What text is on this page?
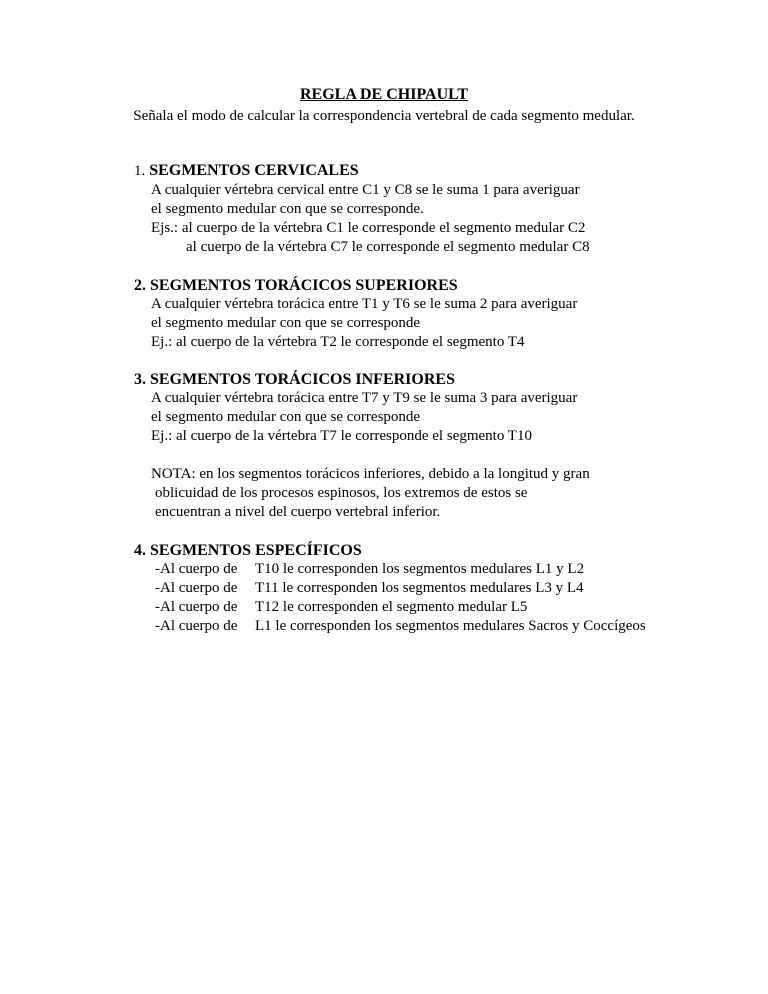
REGLA DE CHIPAULT
Señala el modo de calcular la correspondencia vertebral de cada segmento medular.
1. SEGMENTOS CERVICALES
A cualquier vértebra cervical entre C1 y C8 se le suma 1 para averiguar
el segmento medular con que se corresponde.
Ejs.: al cuerpo de la vértebra C1 le corresponde el segmento medular C2
al cuerpo de la vértebra C7 le corresponde el segmento medular C8
2. SEGMENTOS TORÁCICOS SUPERIORES
A cualquier vértebra torácica entre T1 y T6 se le suma 2 para averiguar
el segmento medular con que se corresponde
Ej.: al cuerpo de la vértebra T2 le corresponde el segmento T4
3. SEGMENTOS TORÁCICOS INFERIORES
A cualquier vértebra torácica entre T7 y T9 se le suma 3 para averiguar
el segmento medular con que se corresponde
Ej.: al cuerpo de la vértebra T7 le corresponde el segmento T10
NOTA: en los segmentos torácicos inferiores, debido a la longitud y gran
oblicuidad de los procesos espinosos, los extremos de estos se
encuentran a nivel del cuerpo vertebral inferior.
4. SEGMENTOS ESPECÍFICOS
-Al cuerpo de T10 le corresponden los segmentos medulares L1 y L2
-Al cuerpo de T11 le corresponden los segmentos medulares L3 y L4
-Al cuerpo de T12 le corresponden el segmento medular L5
-Al cuerpo de L1 le corresponden los segmentos medulares Sacros y Coccígeos
